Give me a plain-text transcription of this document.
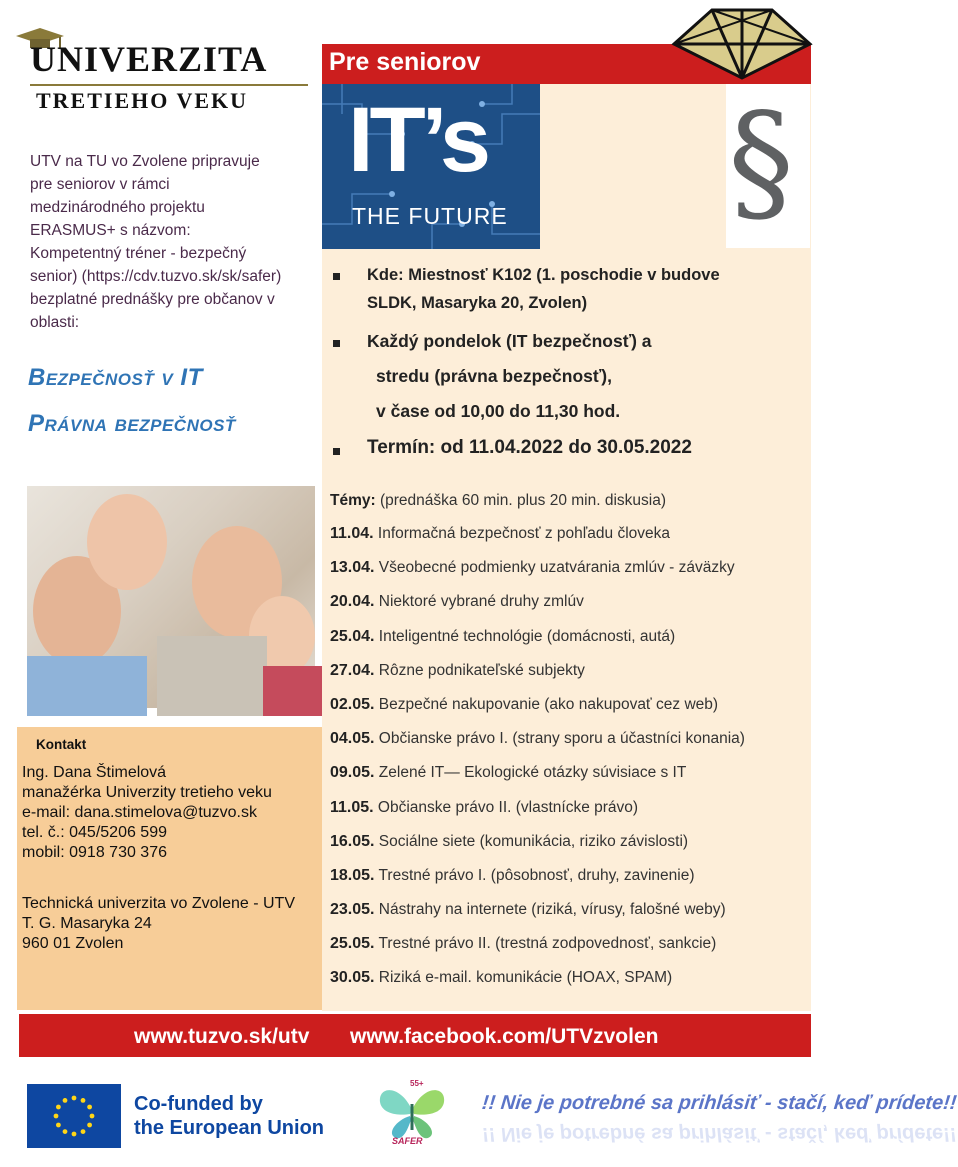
UNIVERZITA
TRETIEHO VEKU
UTV na TU vo Zvolene pripravuje pre seniorov v rámci medzinárodného projektu ERASMUS+ s názvom: Kompetentný tréner - bezpečný senior) (https://cdv.tuzvo.sk/sk/safer) bezplatné prednášky pre občanov v oblasti:
Bezpečnosť v IT
Právna bezpečnosť
Kontakt
Ing. Dana Štimelová
manažérka Univerzity tretieho veku
e-mail: dana.stimelova@tuzvo.sk
tel. č.: 045/5206 599
mobil: 0918 730 376
Technická univerzita vo Zvolene - UTV
T. G. Masaryka 24
960 01 Zvolen
Pre seniorov
IT’s
THE FUTURE §
Kde: Miestnosť K102 (1. poschodie v budove
SLDK, Masaryka 20, Zvolen)
Každý pondelok (IT bezpečnosť) a
stredu (právna bezpečnosť),
v čase od 10,00 do 11,30 hod.
Termín: od 11.04.2022 do 30.05.2022
Témy: (prednáška 60 min. plus 20 min. diskusia)
11.04. Informačná bezpečnosť z pohľadu človeka
13.04. Všeobecné podmienky uzatvárania zmlúv - záväzky
20.04. Niektoré vybrané druhy zmlúv
25.04. Inteligentné technológie (domácnosti, autá)
27.04. Rôzne podnikateľské subjekty
02.05. Bezpečné nakupovanie (ako nakupovať cez web)
04.05. Občianske právo I. (strany sporu a účastníci konania)
09.05. Zelené IT— Ekologické otázky súvisiace s IT
11.05. Občianske právo II. (vlastnícke právo)
16.05. Sociálne siete (komunikácia, riziko závislosti)
18.05. Trestné právo I. (pôsobnosť, druhy, zavinenie)
23.05. Nástrahy na internete (riziká, vírusy, falošné weby)
25.05. Trestné právo II. (trestná zodpovednosť, sankcie)
30.05. Riziká e-mail. komunikácie (HOAX, SPAM)
www.tuzvo.sk/utv www.facebook.com/UTVzvolen
Co-funded by
the European Union
55+
SAFER
!! Nie je potrebné sa prihlásiť - stačí, keď prídete!!
!! Nie je potrebné sa prihlásiť - stačí, keď prídete!!
